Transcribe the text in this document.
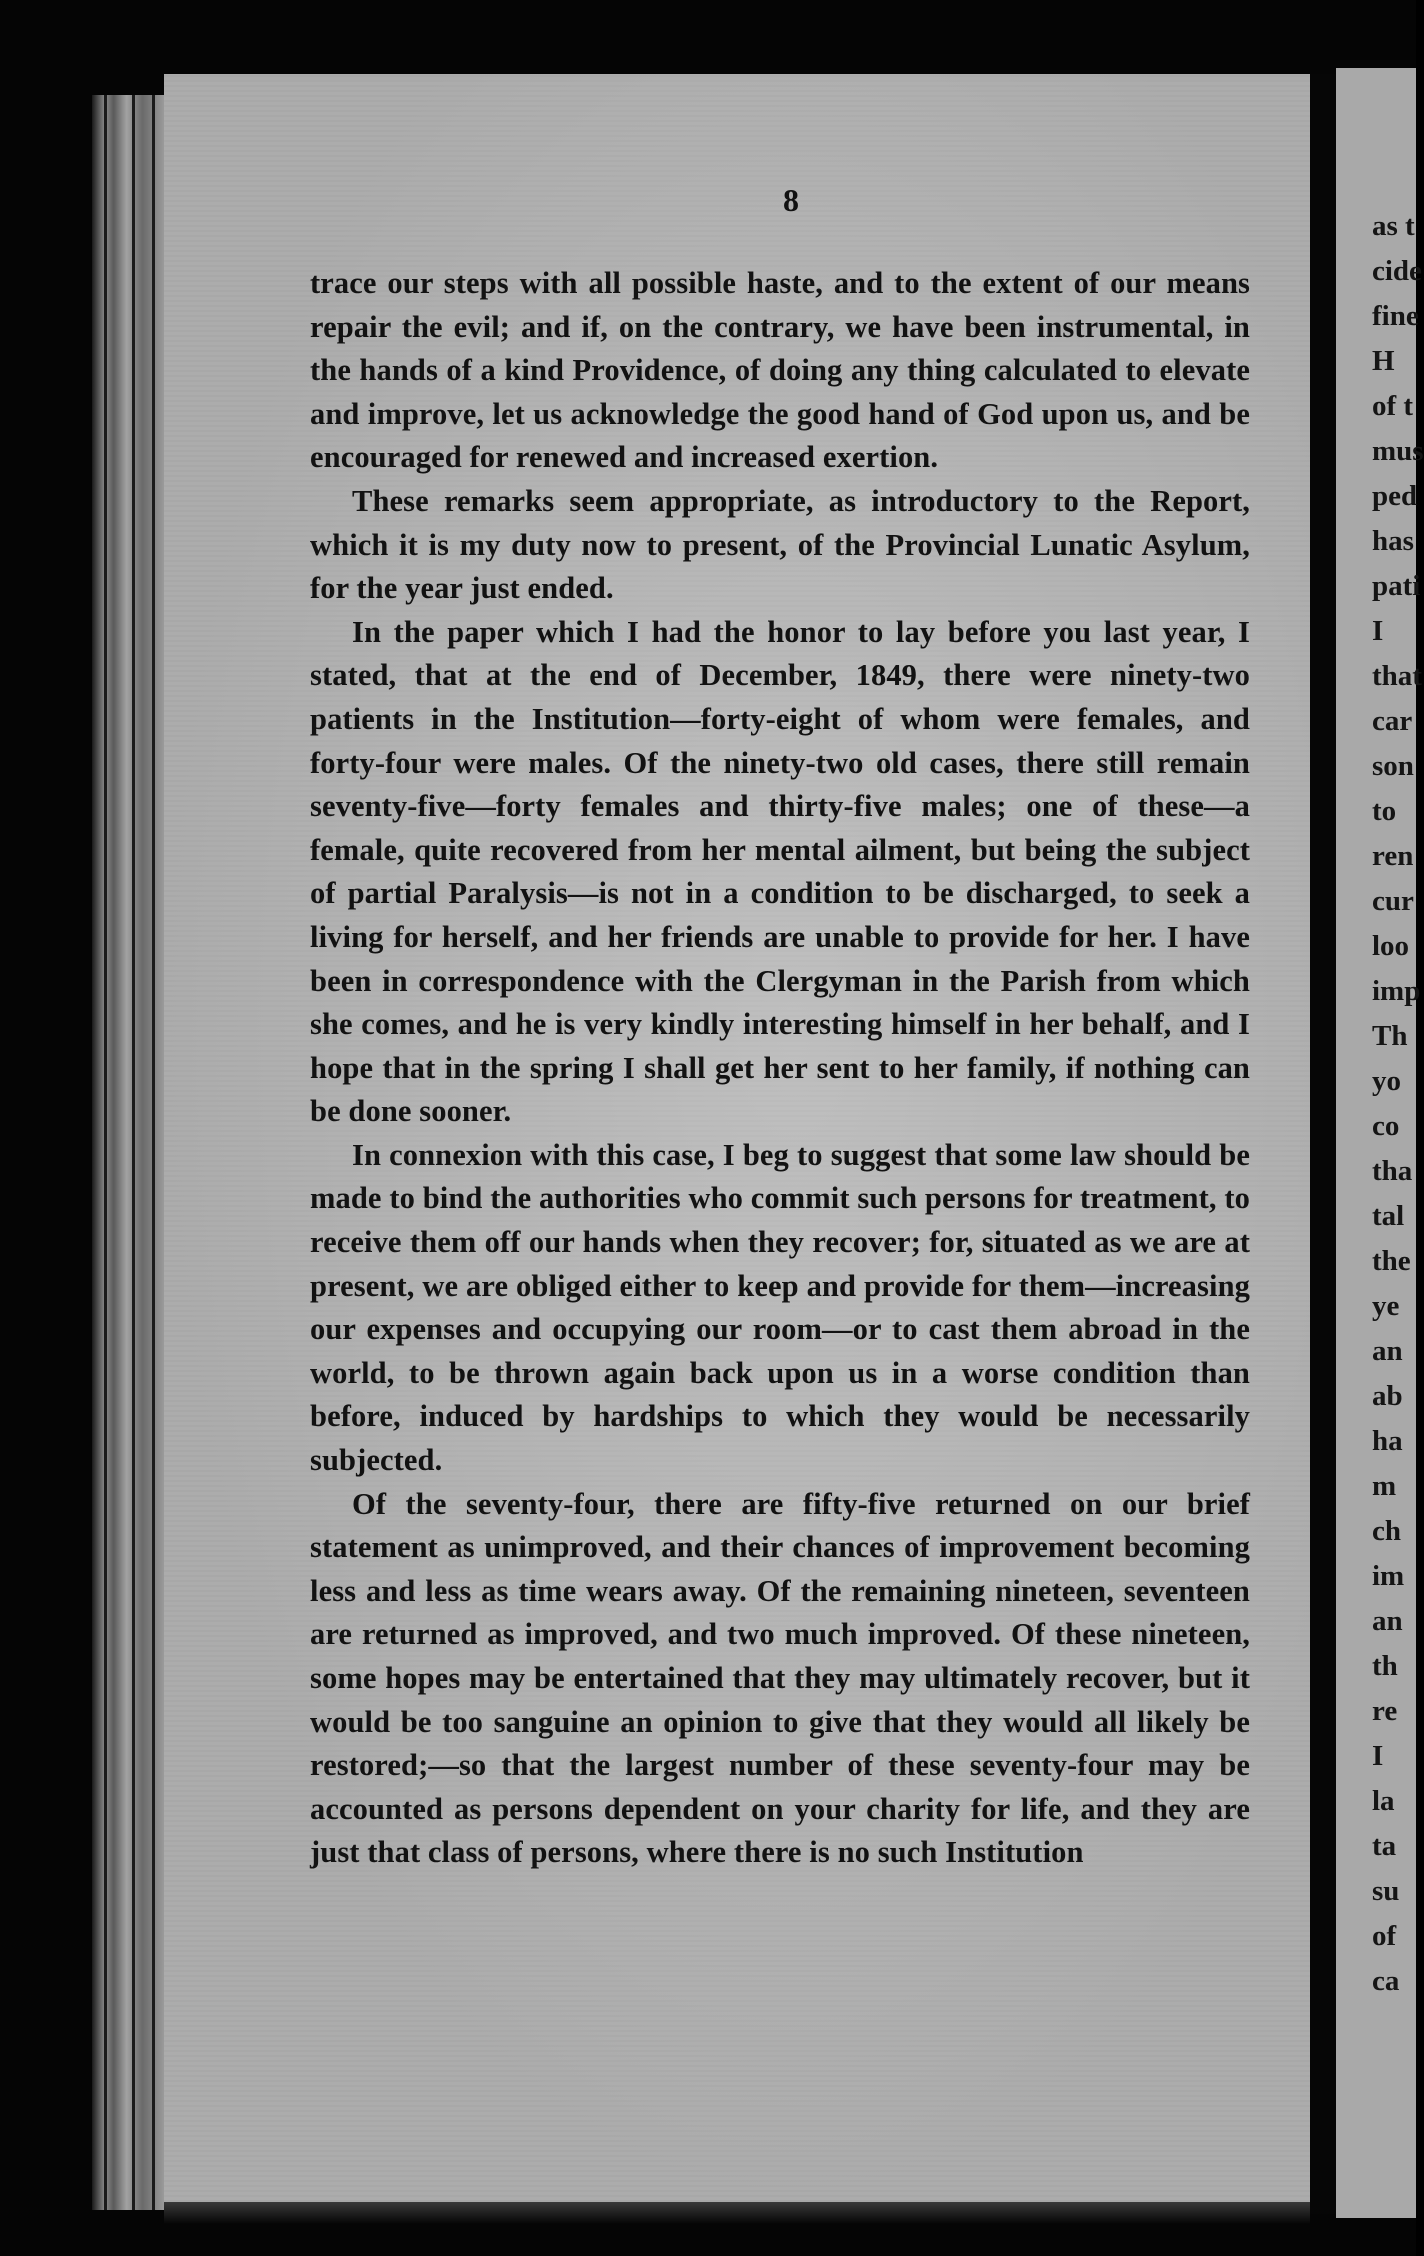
8

trace our steps with all possible haste, and to the extent of our means repair the evil; and if, on the contrary, we have been instrumental, in the hands of a kind Providence, of doing any thing calculated to elevate and improve, let us acknowledge the good hand of God upon us, and be encouraged for renewed and increased exertion.

These remarks seem appropriate, as introductory to the Report, which it is my duty now to present, of the Provincial Lunatic Asylum, for the year just ended.

In the paper which I had the honor to lay before you last year, I stated, that at the end of December, 1849, there were ninety-two patients in the Institution—forty-eight of whom were females, and forty-four were males. Of the ninety-two old cases, there still remain seventy-five—forty females and thirty-five males; one of these—a female, quite recovered from her mental ailment, but being the subject of partial Paralysis—is not in a condition to be discharged, to seek a living for herself, and her friends are unable to provide for her. I have been in correspondence with the Clergyman in the Parish from which she comes, and he is very kindly interesting himself in her behalf, and I hope that in the spring I shall get her sent to her family, if nothing can be done sooner.

In connexion with this case, I beg to suggest that some law should be made to bind the authorities who commit such persons for treatment, to receive them off our hands when they recover; for, situated as we are at present, we are obliged either to keep and provide for them—increasing our expenses and occupying our room—or to cast them abroad in the world, to be thrown again back upon us in a worse condition than before, induced by hardships to which they would be necessarily subjected.

Of the seventy-four, there are fifty-five returned on our brief statement as unimproved, and their chances of improvement becoming less and less as time wears away. Of the remaining nineteen, seventeen are returned as improved, and two much improved. Of these nineteen, some hopes may be entertained that they may ultimately recover, but it would be too sanguine an opinion to give that they would all likely be restored;—so that the largest number of these seventy-four may be accounted as persons dependent on your charity for life, and they are just that class of persons, where there is no such Institution

as t
cide
fine
H
of t
mus
ped
has
pati
I
that
car
son
to
ren
cur
loo
imp
Th
yo
co
tha
tal
the
ye
an
ab
ha
m
ch
im
an
th
re
I
la
ta
su
of
ca
